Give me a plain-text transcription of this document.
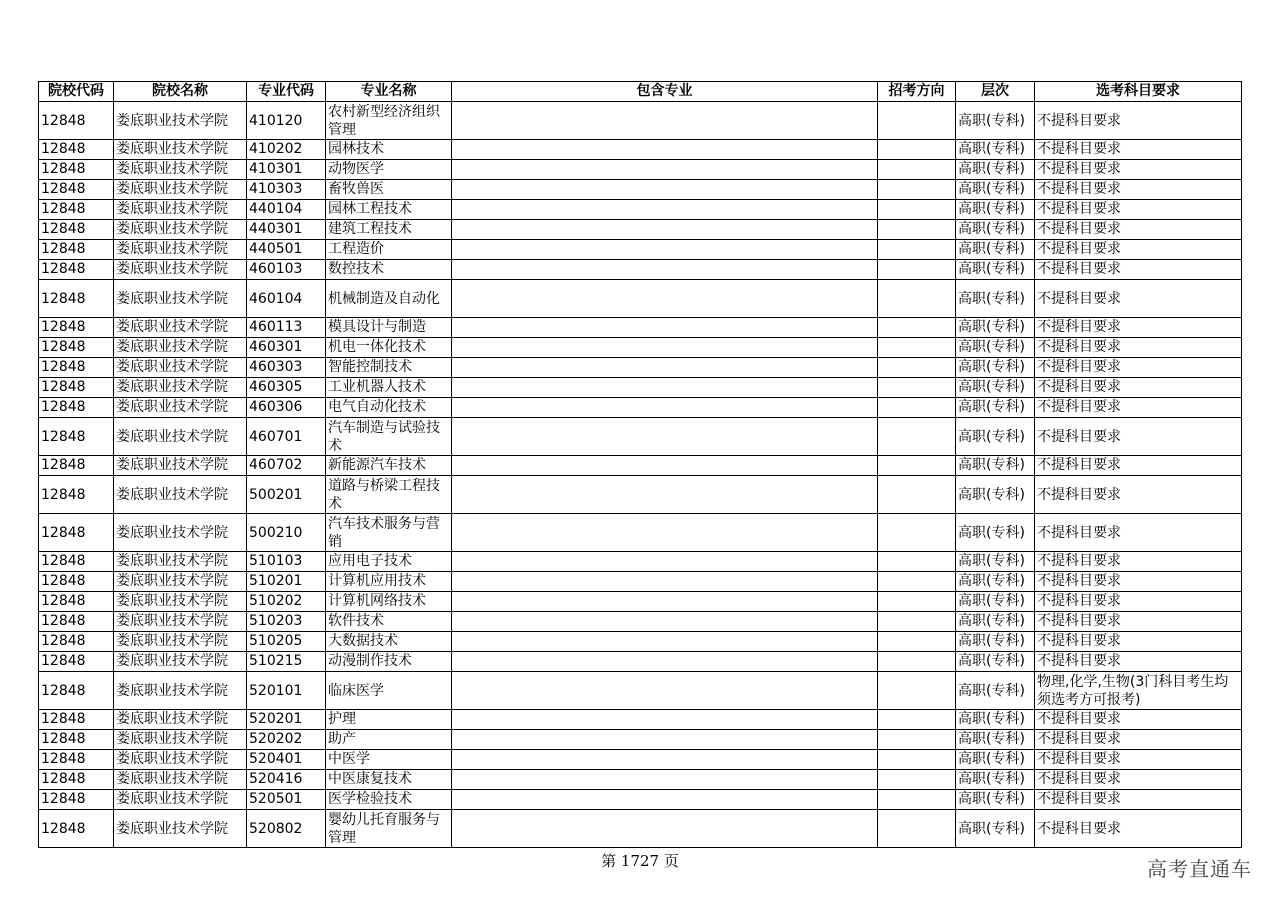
院校代码	院校名称	专业代码	专业名称	包含专业	招考方向	层次	选考科目要求
12848	娄底职业技术学院	410120	农村新型经济组织管理			高职(专科)	不提科目要求
12848	娄底职业技术学院	410202	园林技术			高职(专科)	不提科目要求
12848	娄底职业技术学院	410301	动物医学			高职(专科)	不提科目要求
12848	娄底职业技术学院	410303	畜牧兽医			高职(专科)	不提科目要求
12848	娄底职业技术学院	440104	园林工程技术			高职(专科)	不提科目要求
12848	娄底职业技术学院	440301	建筑工程技术			高职(专科)	不提科目要求
12848	娄底职业技术学院	440501	工程造价			高职(专科)	不提科目要求
12848	娄底职业技术学院	460103	数控技术			高职(专科)	不提科目要求
12848	娄底职业技术学院	460104	机械制造及自动化			高职(专科)	不提科目要求
12848	娄底职业技术学院	460113	模具设计与制造			高职(专科)	不提科目要求
12848	娄底职业技术学院	460301	机电一体化技术			高职(专科)	不提科目要求
12848	娄底职业技术学院	460303	智能控制技术			高职(专科)	不提科目要求
12848	娄底职业技术学院	460305	工业机器人技术			高职(专科)	不提科目要求
12848	娄底职业技术学院	460306	电气自动化技术			高职(专科)	不提科目要求
12848	娄底职业技术学院	460701	汽车制造与试验技术			高职(专科)	不提科目要求
12848	娄底职业技术学院	460702	新能源汽车技术			高职(专科)	不提科目要求
12848	娄底职业技术学院	500201	道路与桥梁工程技术			高职(专科)	不提科目要求
12848	娄底职业技术学院	500210	汽车技术服务与营销			高职(专科)	不提科目要求
12848	娄底职业技术学院	510103	应用电子技术			高职(专科)	不提科目要求
12848	娄底职业技术学院	510201	计算机应用技术			高职(专科)	不提科目要求
12848	娄底职业技术学院	510202	计算机网络技术			高职(专科)	不提科目要求
12848	娄底职业技术学院	510203	软件技术			高职(专科)	不提科目要求
12848	娄底职业技术学院	510205	大数据技术			高职(专科)	不提科目要求
12848	娄底职业技术学院	510215	动漫制作技术			高职(专科)	不提科目要求
12848	娄底职业技术学院	520101	临床医学			高职(专科)	物理,化学,生物(3门科目考生均须选考方可报考)
12848	娄底职业技术学院	520201	护理			高职(专科)	不提科目要求
12848	娄底职业技术学院	520202	助产			高职(专科)	不提科目要求
12848	娄底职业技术学院	520401	中医学			高职(专科)	不提科目要求
12848	娄底职业技术学院	520416	中医康复技术			高职(专科)	不提科目要求
12848	娄底职业技术学院	520501	医学检验技术			高职(专科)	不提科目要求
12848	娄底职业技术学院	520802	婴幼儿托育服务与管理			高职(专科)	不提科目要求
第 1727 页	高考直通车
